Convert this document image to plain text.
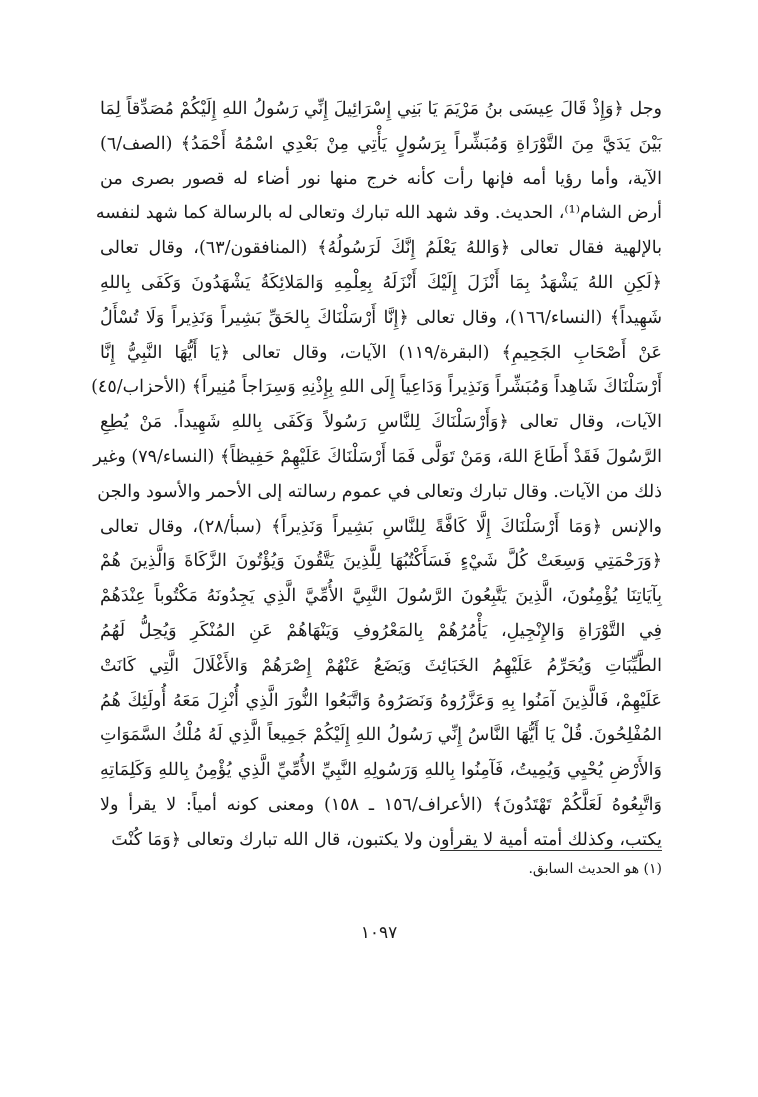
وجل ﴿وَإِذْ قَالَ عِيسَى بنُ مَرْيَمَ يَا بَنِي إِسْرَائِيلَ إِنِّي رَسُولُ اللهِ إِلَيْكُمْ مُصَدِّقاً لِمَا
بَيْنَ يَدَيَّ مِنَ التَّوْرَاةِ وَمُبَشِّراً بِرَسُولٍ يَأْتِي مِنْ بَعْدِي اسْمُهُ أَحْمَدُ﴾ (الصف/٦)
الآية، وأما رؤيا أمه فإنها رأت كأنه خرج منها نور أضاء له قصور بصرى من
أرض الشام⁽¹⁾، الحديث. وقد شهد الله تبارك وتعالى له بالرسالة كما شهد لنفسه
بالإلهية فقال تعالى ﴿وَاللهُ يَعْلَمُ إِنَّكَ لَرَسُولُهُ﴾ (المنافقون/٦٣)، وقال تعالى
﴿لَكِنِ اللهُ يَشْهَدُ بِمَا أَنْزَلَ إِلَيْكَ أَنْزَلَهُ بِعِلْمِهِ وَالمَلائِكَةُ يَشْهَدُونَ وَكَفَى بِاللهِ
شَهِيداً﴾ (النساء/١٦٦)، وقال تعالى ﴿إِنَّا أَرْسَلْنَاكَ بِالحَقِّ بَشِيراً وَنَذِيراً وَلَا تُسْأَلُ
عَنْ أَصْحَابِ الجَحِيمِ﴾ (البقرة/١١٩) الآيات، وقال تعالى ﴿يَا أَيُّهَا النَّبِيُّ إِنَّا
أَرْسَلْنَاكَ شَاهِداً وَمُبَشِّراً وَنَذِيراً وَدَاعِياً إِلَى اللهِ بِإِذْنِهِ وَسِرَاجاً مُنِيراً﴾ (الأحزاب/٤٥)
الآيات، وقال تعالى ﴿وَأَرْسَلْنَاكَ لِلنَّاسِ رَسُولاً وَكَفَى بِاللهِ شَهِيداً. مَنْ يُطِعِ
الرَّسُولَ فَقَدْ أَطَاعَ اللهَ، وَمَنْ تَوَلَّى فَمَا أَرْسَلْنَاكَ عَلَيْهِمْ حَفِيظاً﴾ (النساء/٧٩) وغير
ذلك من الآيات. وقال تبارك وتعالى في عموم رسالته إلى الأحمر والأسود والجن
والإنس ﴿وَمَا أَرْسَلْنَاكَ إِلَّا كَافَّةً لِلنَّاسِ بَشِيراً وَنَذِيراً﴾ (سبأ/٢٨)، وقال تعالى
﴿وَرَحْمَتِي وَسِعَتْ كُلَّ شَيْءٍ فَسَأَكْتُبُهَا لِلَّذِينَ يَتَّقُونَ وَيُؤْتُونَ الزَّكَاةَ وَالَّذِينَ هُمْ
بِآيَاتِنَا يُؤْمِنُونَ، الَّذِينَ يَتَّبِعُونَ الرَّسُولَ النَّبِيَّ الأُمِّيَّ الَّذِي يَجِدُونَهُ مَكْتُوباً عِنْدَهُمْ
فِي التَّوْرَاةِ وَالإِنْجِيلِ، يَأْمُرُهُمْ بِالمَعْرُوفِ وَيَنْهَاهُمْ عَنِ المُنْكَرِ وَيُحِلُّ لَهُمُ
الطَّيِّبَاتِ وَيُحَرِّمُ عَلَيْهِمُ الخَبَائِثَ وَيَضَعُ عَنْهُمْ إِصْرَهُمْ وَالأَغْلَالَ الَّتِي كَانَتْ
عَلَيْهِمْ، فَالَّذِينَ آمَنُوا بِهِ وَعَزَّرُوهُ وَنَصَرُوهُ وَاتَّبَعُوا النُّورَ الَّذِي أُنْزِلَ مَعَهُ أُولَئِكَ هُمُ
المُفْلِحُونَ. قُلْ يَا أَيُّهَا النَّاسُ إِنِّي رَسُولُ اللهِ إِلَيْكُمْ جَمِيعاً الَّذِي لَهُ مُلْكُ السَّمَوَاتِ
وَالأَرْضِ يُحْيِي وَيُمِيتُ، فَآمِنُوا بِاللهِ وَرَسُولِهِ النَّبِيِّ الأُمِّيِّ الَّذِي يُؤْمِنُ بِاللهِ وَكَلِمَاتِهِ
وَاتَّبِعُوهُ لَعَلَّكُمْ تَهْتَدُونَ﴾ (الأعراف/١٥٦ ـ ١٥٨) ومعنى كونه أمياً: لا يقرأ ولا
يكتب، وكذلك أمته أمية لا يقرأون ولا يكتبون، قال الله تبارك وتعالى ﴿وَمَا كُنْتَ
(١) هو الحديث السابق.
١٠٩٧
